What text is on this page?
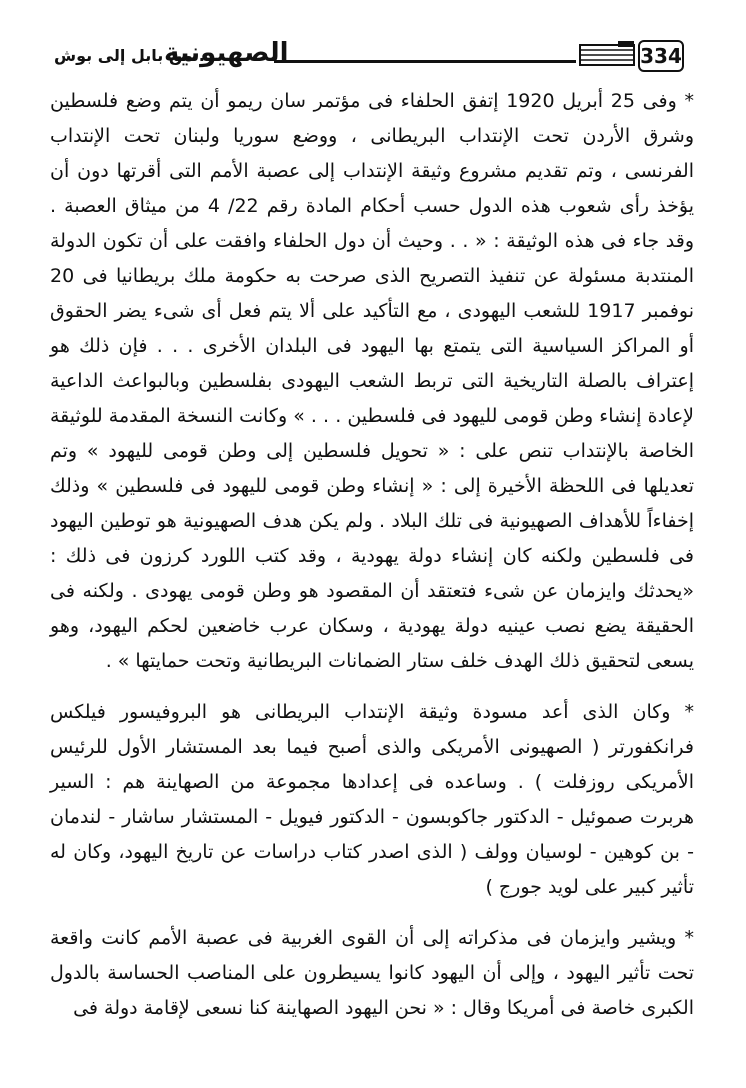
334
الصهيونية
.. من بابل إلى بوش

* وفى 25 أبريل 1920 إتفق الحلفاء فى مؤتمر سان ريمو أن يتم وضع فلسطين وشرق الأردن تحت الإنتداب البريطانى ، ووضع سوريا ولبنان تحت الإنتداب الفرنسى ، وتم تقديم مشروع وثيقة الإنتداب إلى عصبة الأمم التى أقرتها دون أن يؤخذ رأى شعوب هذه الدول حسب أحكام المادة رقم 22/ 4 من ميثاق العصبة . وقد جاء فى هذه الوثيقة : « . . وحيث أن دول الحلفاء وافقت على أن تكون الدولة المنتدبة مسئولة عن تنفيذ التصريح الذى صرحت به حكومة ملك بريطانيا فى 20 نوفمبر 1917 للشعب اليهودى ، مع التأكيد على ألا يتم فعل أى شىء يضر الحقوق أو المراكز السياسية التى يتمتع بها اليهود فى البلدان الأخرى . . . فإن ذلك هو إعتراف بالصلة التاريخية التى تربط الشعب اليهودى بفلسطين وبالبواعث الداعية لإعادة إنشاء وطن قومى لليهود فى فلسطين . . . » وكانت النسخة المقدمة للوثيقة الخاصة بالإنتداب تنص على : « تحويل فلسطين إلى وطن قومى لليهود » وتم تعديلها فى اللحظة الأخيرة إلى : « إنشاء وطن قومى لليهود فى فلسطين » وذلك إخفاءاً للأهداف الصهيونية فى تلك البلاد . ولم يكن هدف الصهيونية هو توطين اليهود فى فلسطين ولكنه كان إنشاء دولة يهودية ، وقد كتب اللورد كرزون فى ذلك : «يحدثك وايزمان عن شىء فتعتقد أن المقصود هو وطن قومى يهودى . ولكنه فى الحقيقة يضع نصب عينيه دولة يهودية ، وسكان عرب خاضعين لحكم اليهود، وهو يسعى لتحقيق ذلك الهدف خلف ستار الضمانات البريطانية وتحت حمايتها » .

* وكان الذى أعد مسودة وثيقة الإنتداب البريطانى هو البروفيسور فيلكس فرانكفورتر ( الصهيونى الأمريكى والذى أصبح فيما بعد المستشار الأول للرئيس الأمريكى روزفلت ) . وساعده فى إعدادها مجموعة من الصهاينة هم : السير هربرت صموئيل - الدكتور جاكوبسون - الدكتور فيويل - المستشار ساشار - لندمان - بن كوهين - لوسيان وولف ( الذى اصدر كتاب دراسات عن تاريخ اليهود، وكان له تأثير كبير على لويد جورج )

* ويشير وايزمان فى مذكراته إلى أن القوى الغربية فى عصبة الأمم كانت واقعة تحت تأثير اليهود ، وإلى أن اليهود كانوا يسيطرون على المناصب الحساسة بالدول الكبرى خاصة فى أمريكا وقال : « نحن اليهود الصهاينة كنا نسعى لإقامة دولة فى
